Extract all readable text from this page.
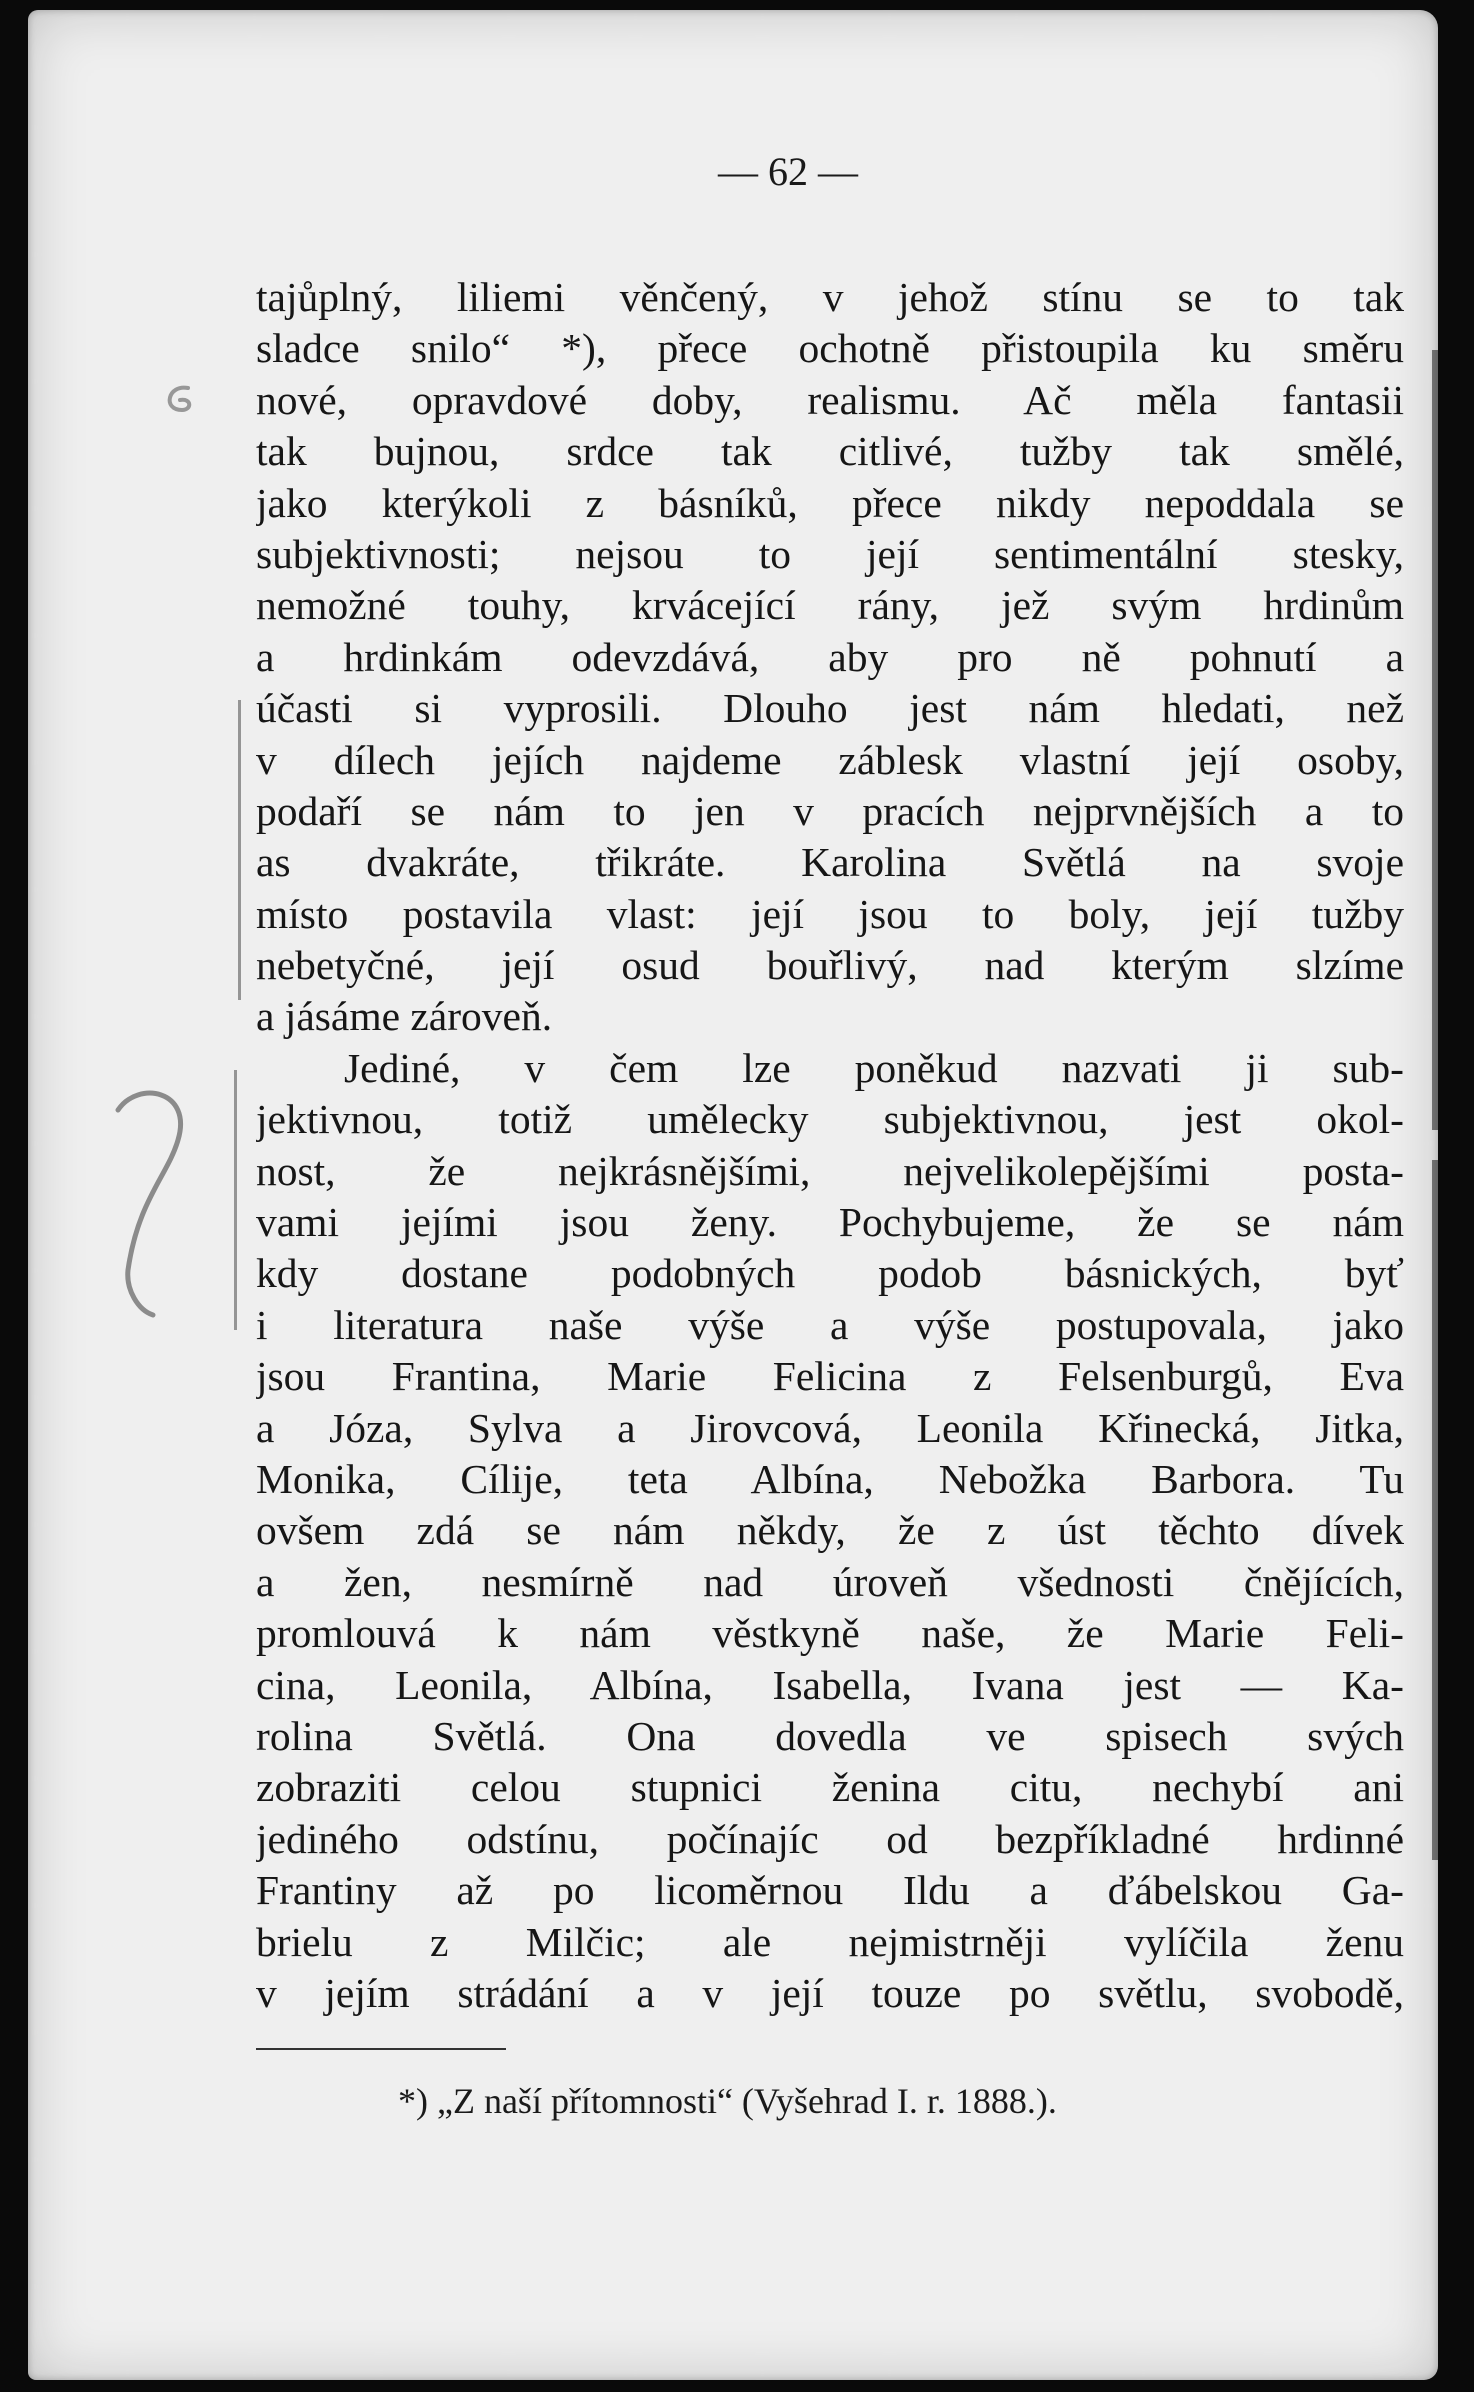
— 62 —

tajůplný, liliemi věnčený, v jehož stínu se to tak
sladce snilo“ *), přece ochotně přistoupila ku směru
nové, opravdové doby, realismu. Ač měla fantasii
tak bujnou, srdce tak citlivé, tužby tak smělé,
jako kterýkoli z básníků, přece nikdy nepoddala se
subjektivnosti; nejsou to její sentimentální stesky,
nemožné touhy, krvácející rány, jež svým hrdinům
a hrdinkám odevzdává, aby pro ně pohnutí a
účasti si vyprosili. Dlouho jest nám hledati, než
v dílech jejích najdeme záblesk vlastní její osoby,
podaří se nám to jen v pracích nejprvnějších a to
as dvakráte, třikráte. Karolina Světlá na svoje
místo postavila vlast: její jsou to boly, její tužby
nebetyčné, její osud bouřlivý, nad kterým slzíme
a jásáme zároveň.
Jediné, v čem lze poněkud nazvati ji sub-
jektivnou, totiž umělecky subjektivnou, jest okol-
nost, že nejkrásnějšími, nejvelikolepějšími posta-
vami jejími jsou ženy. Pochybujeme, že se nám
kdy dostane podobných podob básnických, byť
i literatura naše výše a výše postupovala, jako
jsou Frantina, Marie Felicina z Felsenburgů, Eva
a Józa, Sylva a Jirovcová, Leonila Křinecká, Jitka,
Monika, Cílije, teta Albína, Nebožka Barbora. Tu
ovšem zdá se nám někdy, že z úst těchto dívek
a žen, nesmírně nad úroveň všednosti čnějících,
promlouvá k nám věstkyně naše, že Marie Feli-
cina, Leonila, Albína, Isabella, Ivana jest — Ka-
rolina Světlá. Ona dovedla ve spisech svých
zobraziti celou stupnici ženina citu, nechybí ani
jediného odstínu, počínajíc od bezpříkladné hrdinné
Frantiny až po licoměrnou Ildu a ďábelskou Ga-
brielu z Milčic; ale nejmistrněji vylíčila ženu
v jejím strádání a v její touze po světlu, svobodě,

*) „Z naší přítomnosti“ (Vyšehrad I. r. 1888.).
